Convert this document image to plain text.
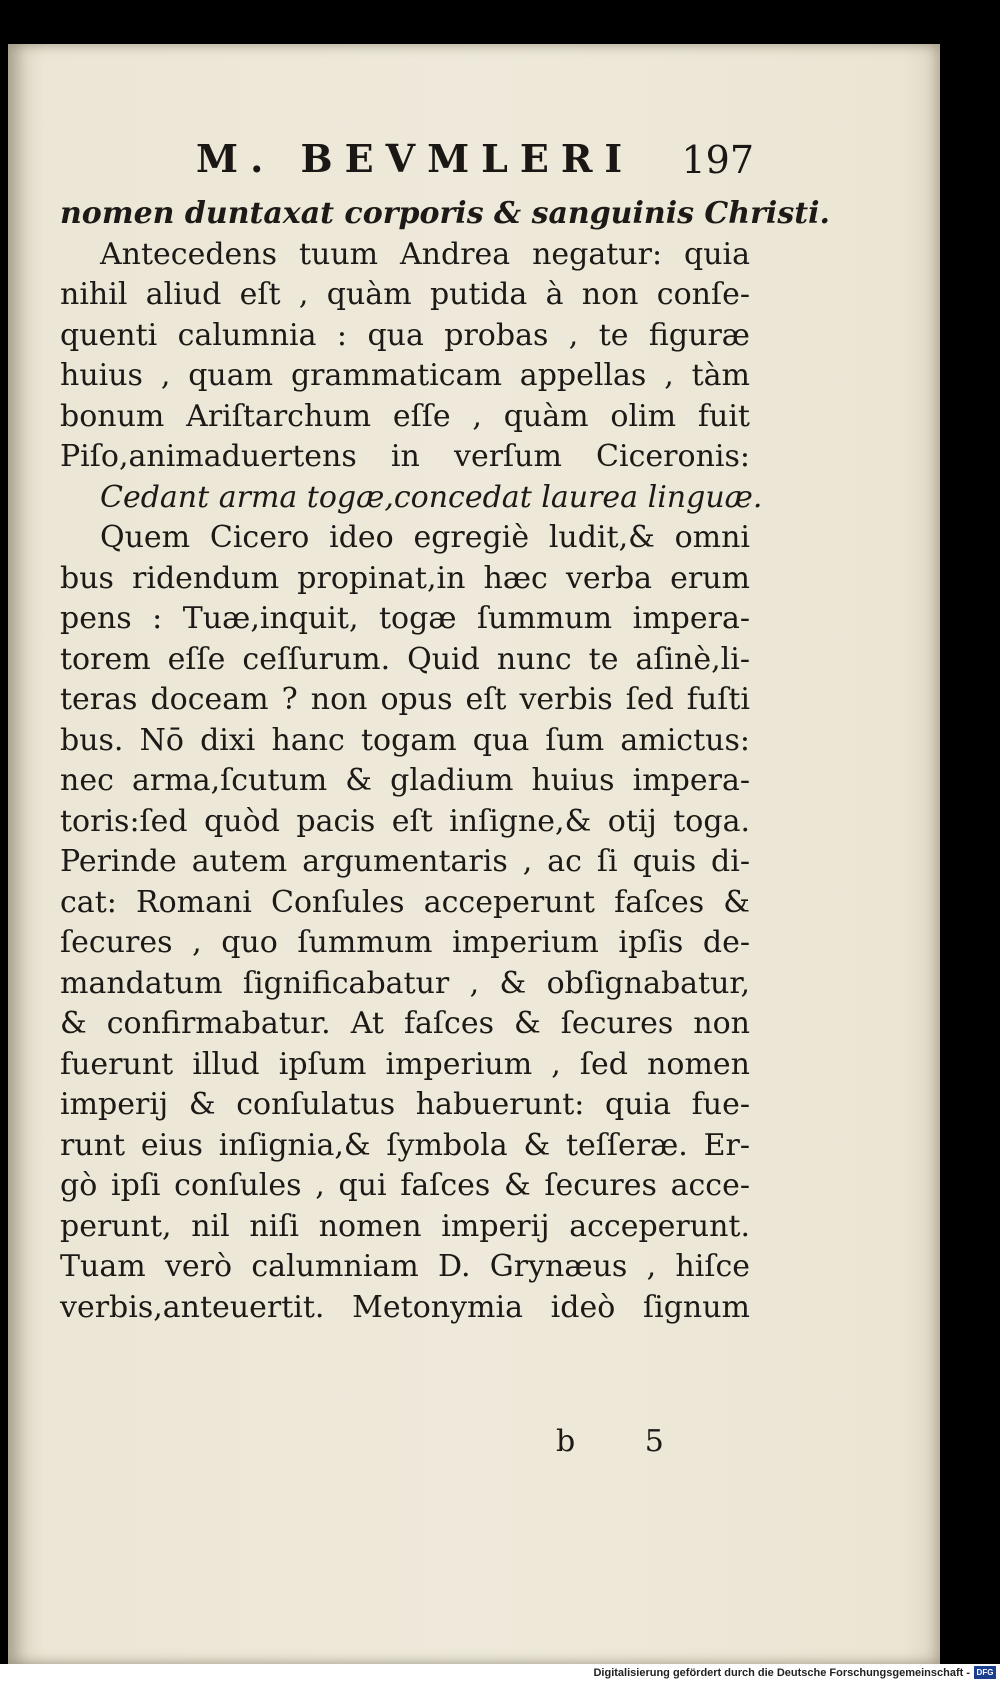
M. BEVMLERI	197
nomen duntaxat corporis & sanguinis Christi.
Antecedens tuum Andrea negatur: quia
nihil aliud eſt , quàm putida à non conſe-
quenti calumnia : qua probas , te figuræ
huius , quam grammaticam appellas , tàm
bonum Ariſtarchum eſſe , quàm olim fuit
Piſo,animaduertens in verſum Ciceronis:
Cedant arma togæ,concedat laurea linguæ.
Quem Cicero ideo egregiè ludit,& omni
bus ridendum propinat,in hæc verba erum
pens : Tuæ,inquit, togæ ſummum impera-
torem eſſe ceſſurum. Quid nunc te aſinè,li-
teras doceam ? non opus eſt verbis ſed fuſti
bus. Nō dixi hanc togam qua ſum amictus:
nec arma,ſcutum & gladium huius impera-
toris:ſed quòd pacis eſt inſigne,& otij toga.
Perinde autem argumentaris , ac ſi quis di-
cat: Romani Conſules acceperunt faſces &
ſecures , quo ſummum imperium ipſis de-
mandatum ſignificabatur , & obſignabatur,
& confirmabatur. At faſces & ſecures non
fuerunt illud ipſum imperium , ſed nomen
imperij & conſulatus habuerunt: quia fue-
runt eius inſignia,& ſymbola & teſſeræ. Er-
gò ipſi conſules , qui faſces & ſecures acce-
perunt, nil niſi nomen imperij acceperunt.
Tuam verò calumniam D. Grynæus , hiſce
verbis,anteuertit. Metonymia ideò ſignum
b 5
Digitalisierung gefördert durch die Deutsche Forschungsgemeinschaft - DFG
